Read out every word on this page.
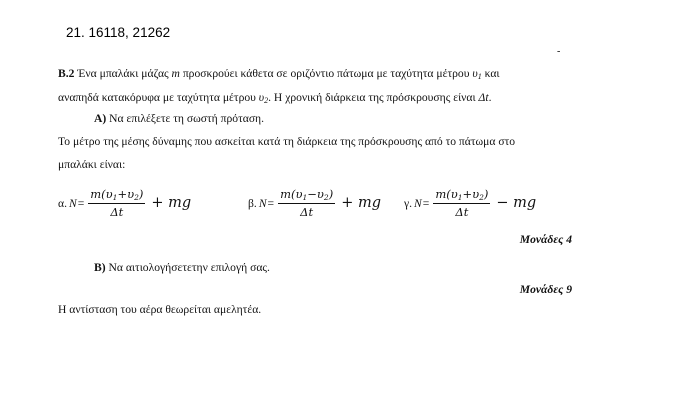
21. 16118, 21262
-
Β.2 Ένα μπαλάκι μάζας m προσκρούει κάθετα σε οριζόντιο πάτωμα με ταχύτητα μέτρου $\upsilon_1$ και
αναπηδά κατακόρυφα με ταχύτητα μέτρου $\upsilon_2$. Η χρονική διάρκεια της πρόσκρουσης είναι Δt.
Α) Να επιλέξετε τη σωστή πρόταση.
Το μέτρο της μέσης δύναμης που ασκείται κατά τη διάρκεια της πρόσκρουσης από το πάτωμα στο
μπαλάκι είναι:
α. $N = \frac{m(\upsilon 1+\upsilon 2)}{\Delta t}$ + mg	β. $N = \frac{m(\upsilon 1-\upsilon 2)}{\Delta t}$ + mg γ. $N = \frac{m(\upsilon 1+\upsilon 2)}{\Delta t}$ − mg
Μονάδες 4
Β) Να αιτιολογήσετετην επιλογή σας.
Μονάδες 9
Η αντίσταση του αέρα θεωρείται αμελητέα.
